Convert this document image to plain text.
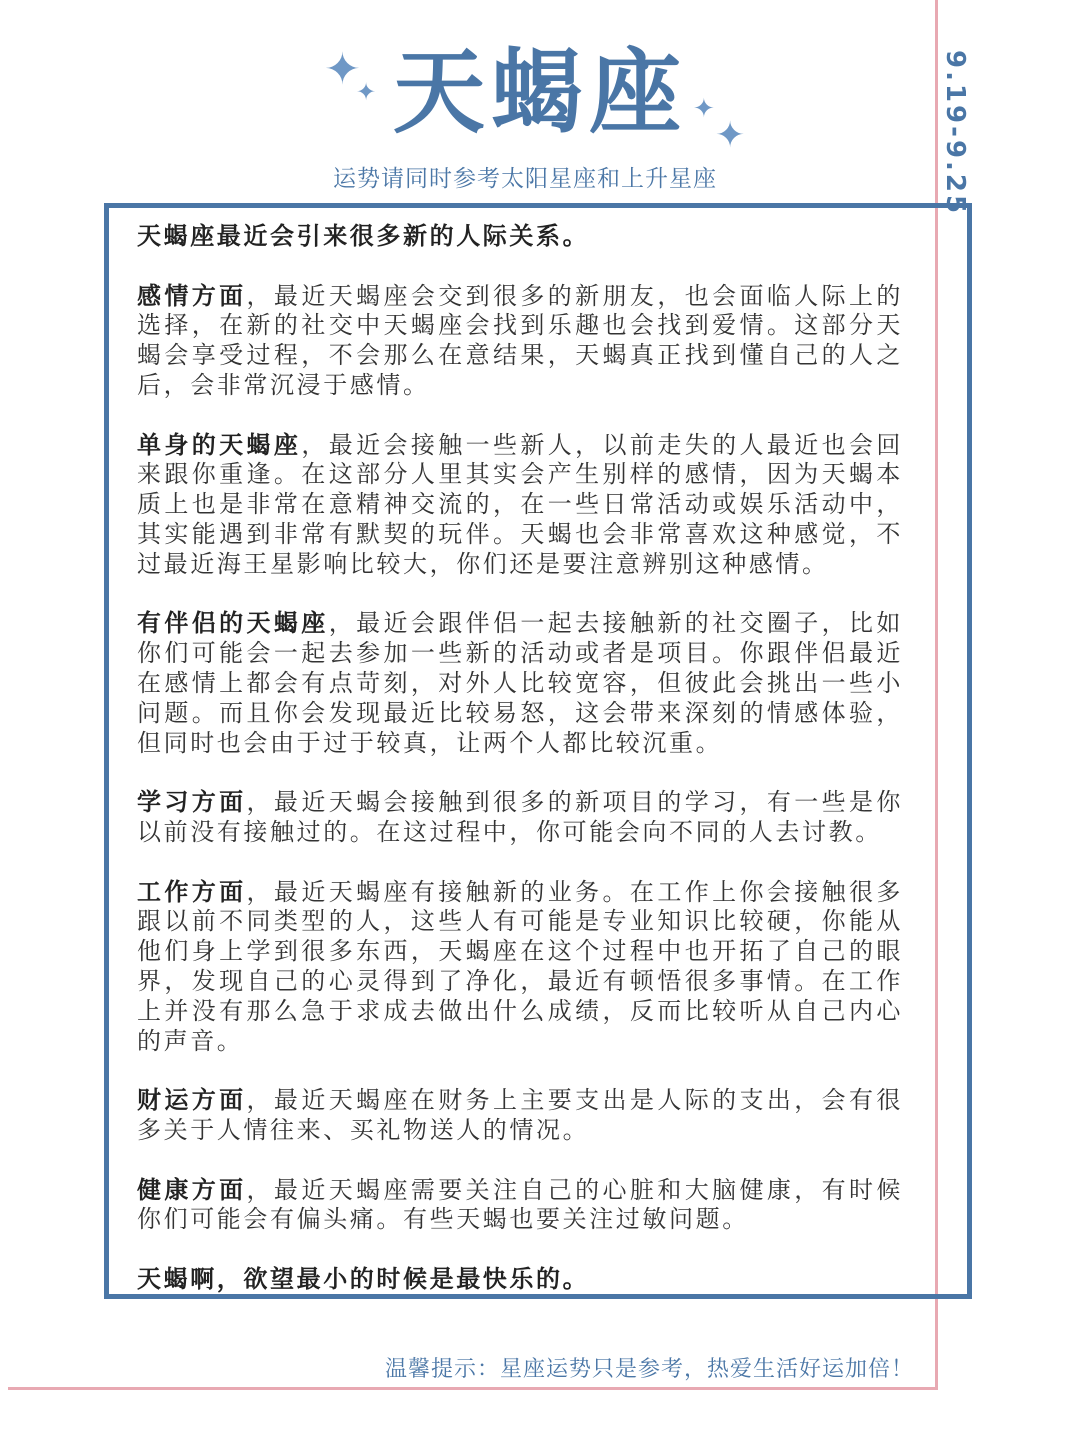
✦
✦
✦
✦
天蝎座
运势请同时参考太阳星座和上升星座	9.19-9.25

天蝎座最近会引来很多新的人际关系。

感情方面，最近天蝎座会交到很多的新朋友，也会面临人际上的选择，在新的社交中天蝎座会找到乐趣也会找到爱情。这部分天蝎会享受过程，不会那么在意结果，天蝎真正找到懂自己的人之后，会非常沉浸于感情。

单身的天蝎座，最近会接触一些新人，以前走失的人最近也会回来跟你重逢。在这部分人里其实会产生别样的感情，因为天蝎本质上也是非常在意精神交流的，在一些日常活动或娱乐活动中，其实能遇到非常有默契的玩伴。天蝎也会非常喜欢这种感觉，不过最近海王星影响比较大，你们还是要注意辨别这种感情。

有伴侣的天蝎座，最近会跟伴侣一起去接触新的社交圈子，比如你们可能会一起去参加一些新的活动或者是项目。你跟伴侣最近在感情上都会有点苛刻，对外人比较宽容，但彼此会挑出一些小问题。而且你会发现最近比较易怒，这会带来深刻的情感体验，但同时也会由于过于较真，让两个人都比较沉重。

学习方面，最近天蝎会接触到很多的新项目的学习，有一些是你以前没有接触过的。在这过程中，你可能会向不同的人去讨教。

工作方面，最近天蝎座有接触新的业务。在工作上你会接触很多跟以前不同类型的人，这些人有可能是专业知识比较硬，你能从他们身上学到很多东西，天蝎座在这个过程中也开拓了自己的眼界，发现自己的心灵得到了净化，最近有顿悟很多事情。在工作上并没有那么急于求成去做出什么成绩，反而比较听从自己内心的声音。

财运方面，最近天蝎座在财务上主要支出是人际的支出，会有很多关于人情往来、买礼物送人的情况。

健康方面，最近天蝎座需要关注自己的心脏和大脑健康，有时候你们可能会有偏头痛。有些天蝎也要关注过敏问题。

天蝎啊，欲望最小的时候是最快乐的。

温馨提示：星座运势只是参考，热爱生活好运加倍！
